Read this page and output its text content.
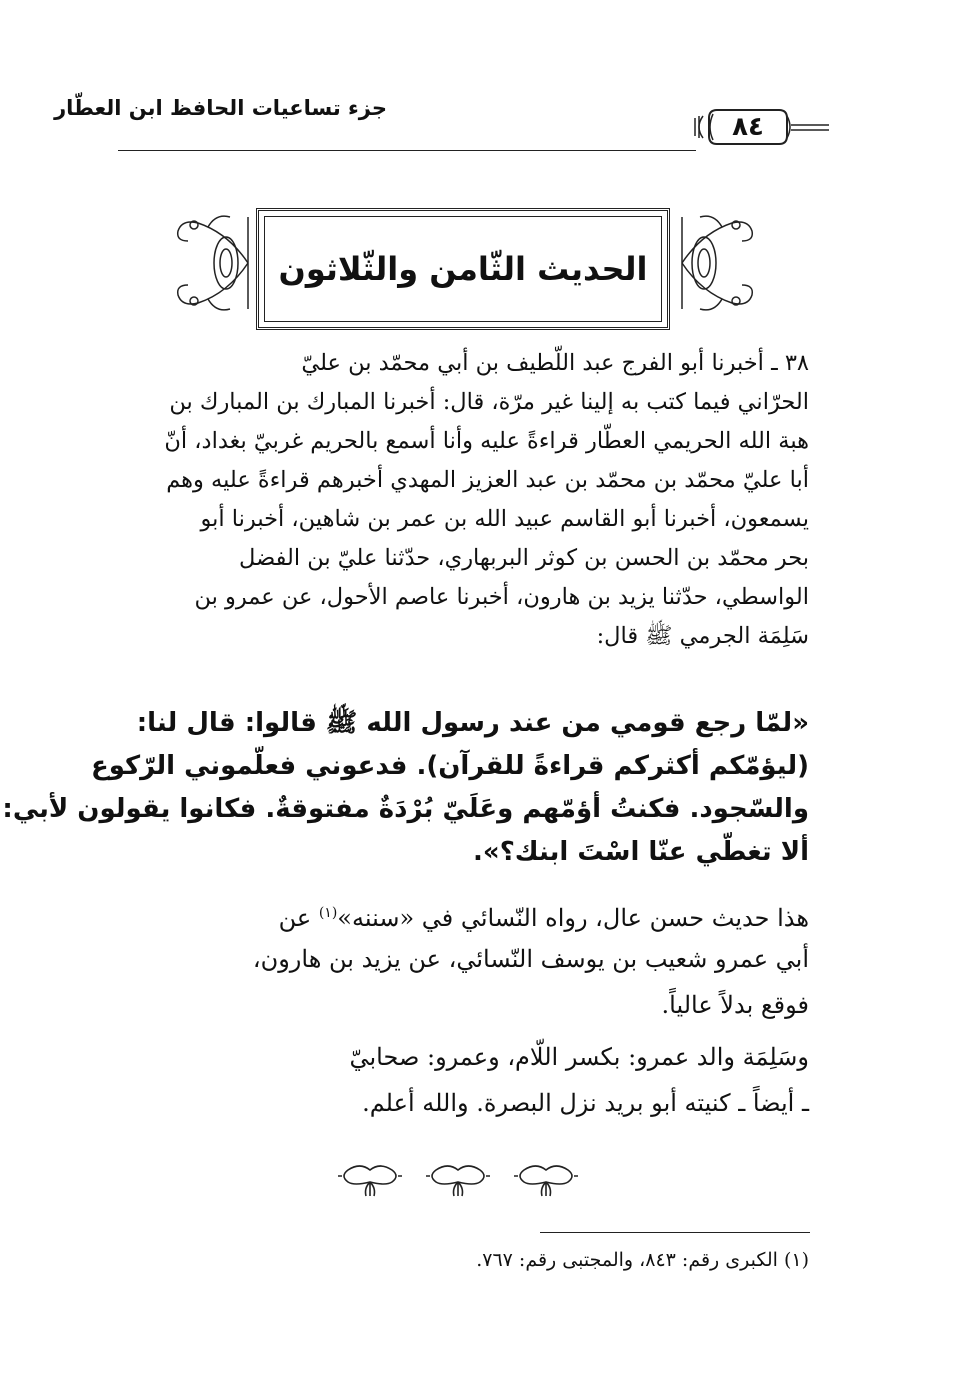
جزء تساعيات الحافظ ابن العطّار
٨٤
الحديث الثّامن والثّلاثون
٣٨ ـ أخبرنا أبو الفرج عبد اللّطيف بن أبي محمّد بن عليّ
الحرّاني فيما كتب به إلينا غير مرّة، قال: أخبرنا المبارك بن المبارك بن
هبة الله الحريمي العطّار قراءةً عليه وأنا أسمع بالحريم غربيّ بغداد، أنّ
أبا عليّ محمّد بن محمّد بن عبد العزيز المهدي أخبرهم قراءةً عليه وهم
يسمعون، أخبرنا أبو القاسم عبيد الله بن عمر بن شاهين، أخبرنا أبو
بحر محمّد بن الحسن بن كوثر البربهاري، حدّثنا عليّ بن الفضل
الواسطي، حدّثنا يزيد بن هارون، أخبرنا عاصم الأحول، عن عمرو بن
سَلِمَة الجرمي ﷺ قال:
«لمّا رجع قومي من عند رسول الله ﷺ قالوا: قال لنا:
(ليؤمّكم أكثركم قراءةً للقرآن). فدعوني فعلّموني الرّكوع
والسّجود. فكنتُ أؤمّهم وعَلَيّ بُرْدَةٌ مفتوقةٌ. فكانوا يقولون لأبي:
ألا تغطّي عنّا اسْتَ ابنك؟».
هذا حديث حسن عال، رواه النّسائي في «سننه»$^{(١)}$ عن
أبي عمرو شعيب بن يوسف النّسائي، عن يزيد بن هارون،
فوقع بدلاً عالياً.
وسَلِمَة والد عمرو: بكسر اللّام، وعمرو: صحابيّ
ـ أيضاً ـ كنيته أبو بريد نزل البصرة. والله أعلم.
(١) الكبرى رقم: ٨٤٣، والمجتبى رقم: ٧٦٧.
